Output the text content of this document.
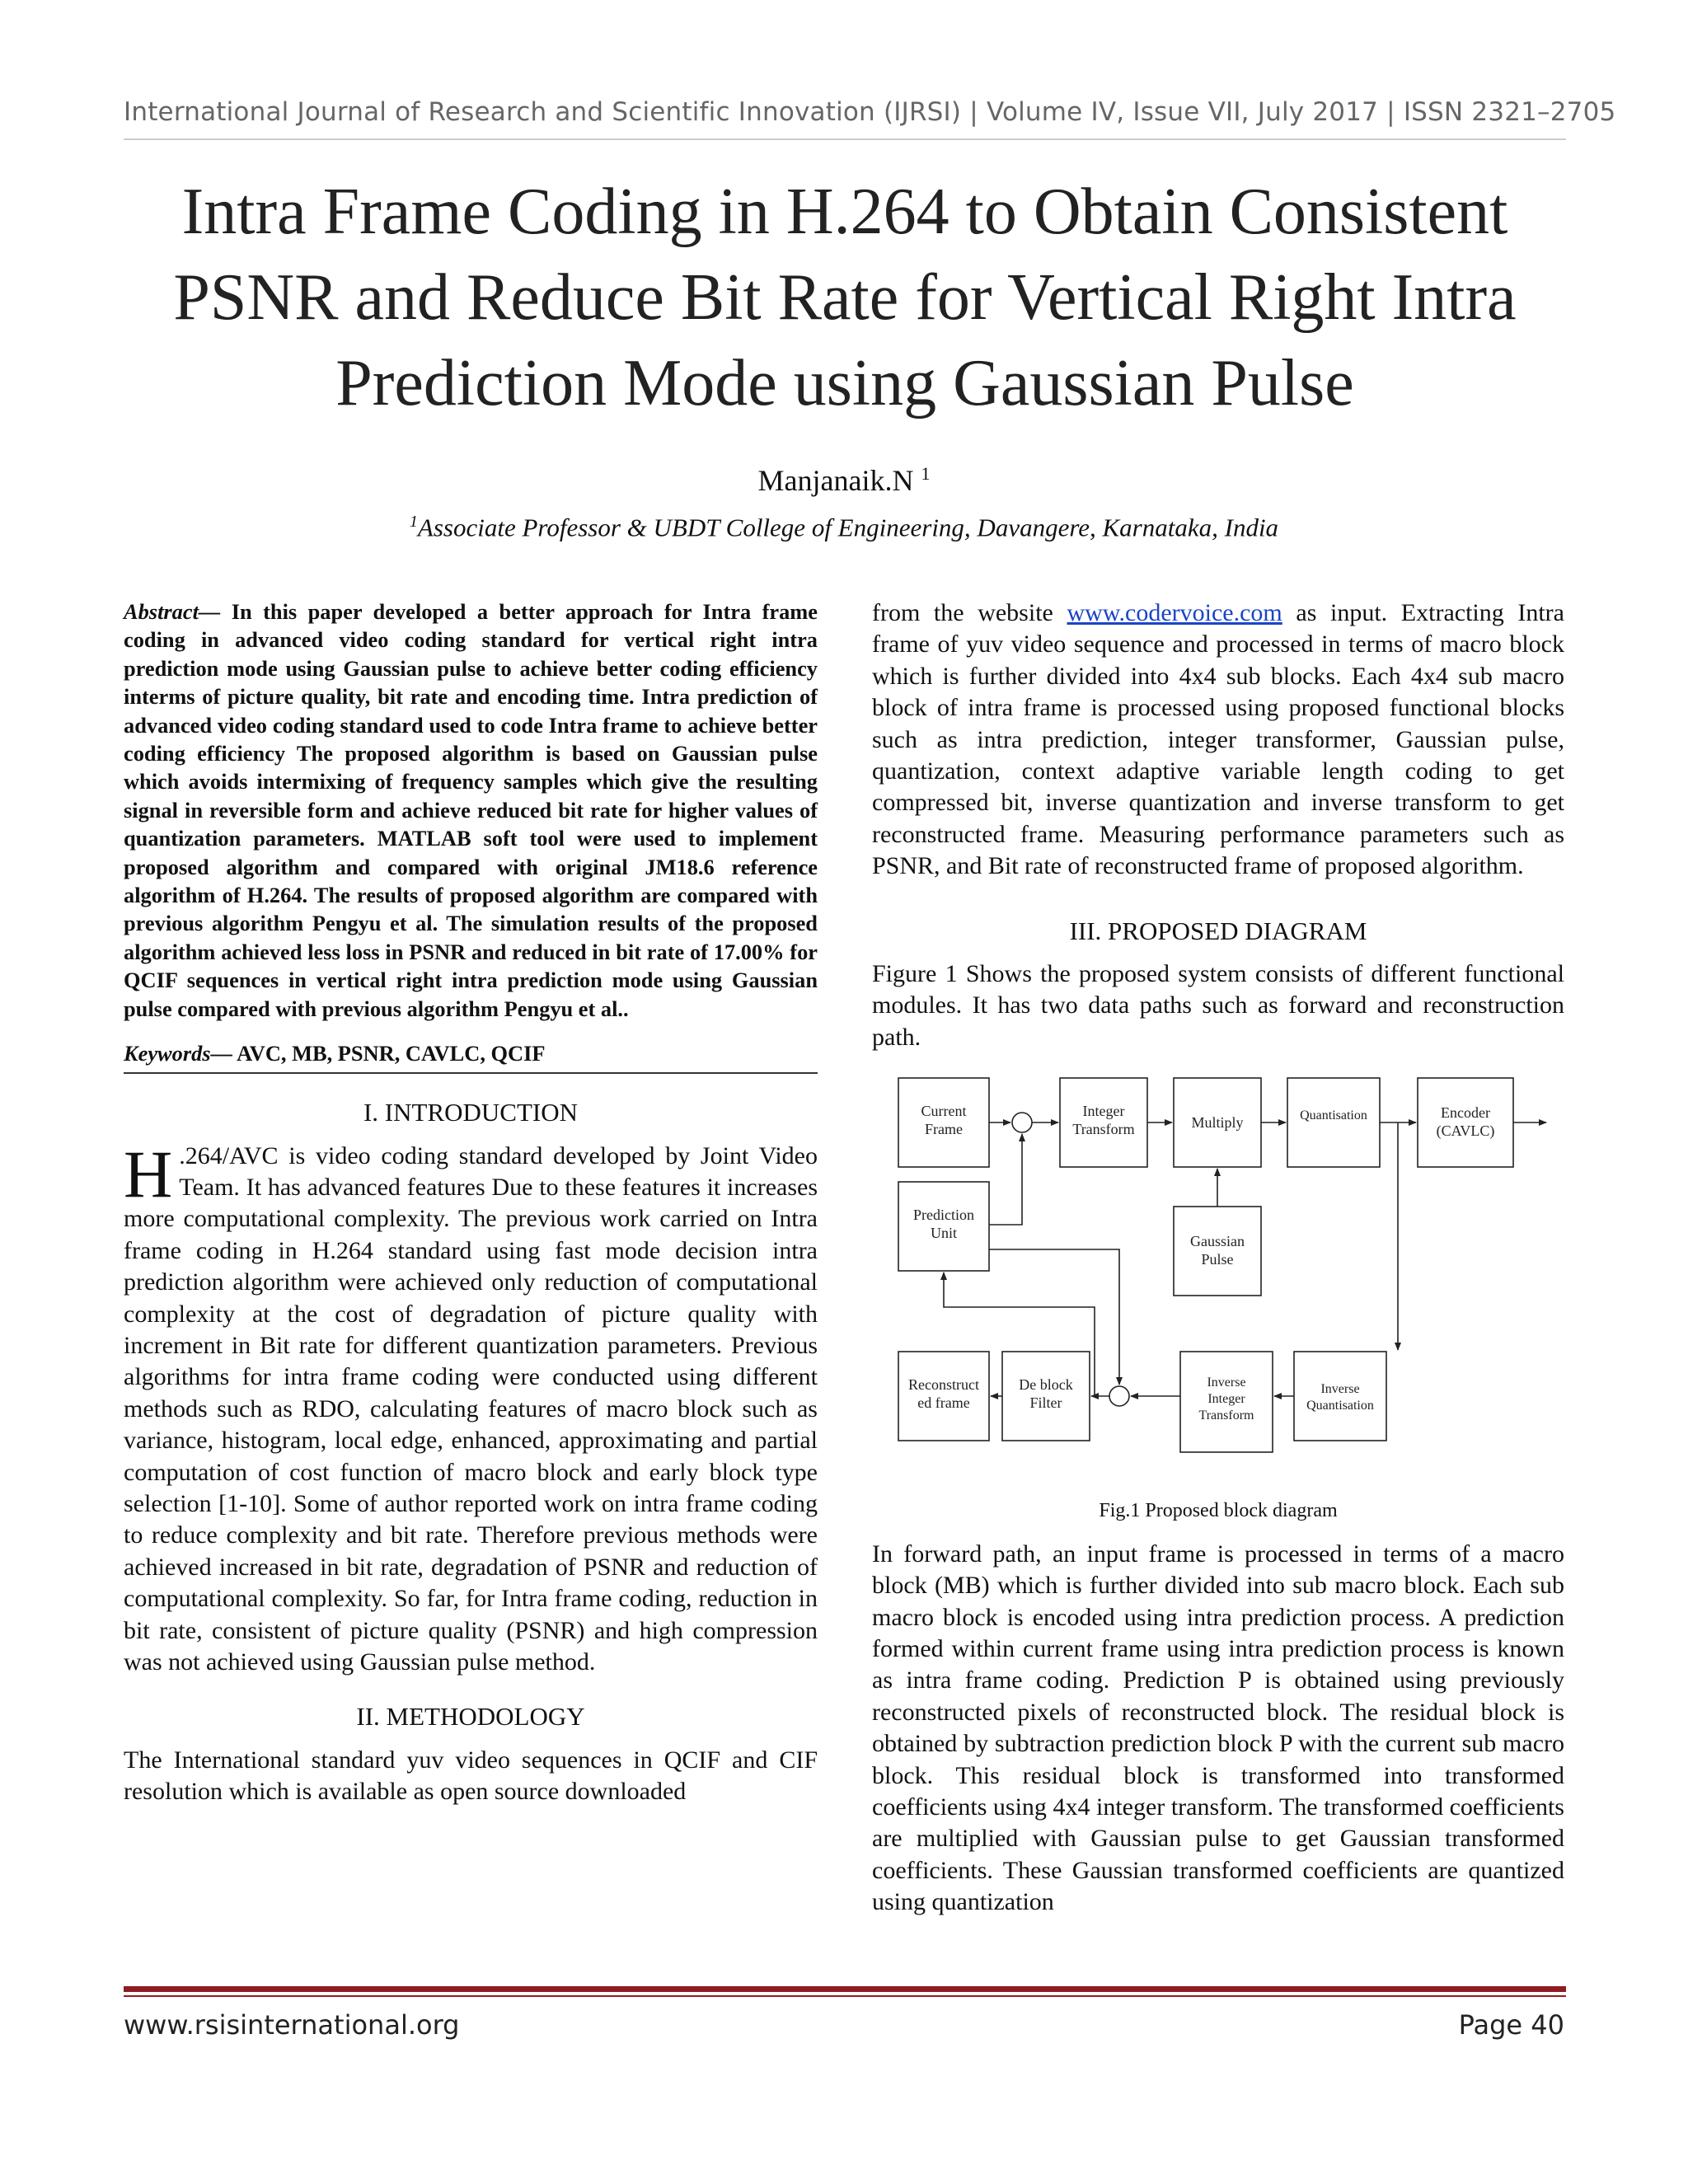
International Journal of Research and Scientific Innovation (IJRSI) | Volume IV, Issue VII, July 2017 | ISSN 2321–2705
Intra Frame Coding in H.264 to Obtain Consistent PSNR and Reduce Bit Rate for Vertical Right Intra Prediction Mode using Gaussian Pulse
Manjanaik.N $^1$
$^1$Associate Professor & UBDT College of Engineering, Davangere, Karnataka, India

Abstract— In this paper developed a better approach for Intra frame coding in advanced video coding standard for vertical right intra prediction mode using Gaussian pulse to achieve better coding efficiency interms of picture quality, bit rate and encoding time. Intra prediction of advanced video coding standard used to code Intra frame to achieve better coding efficiency The proposed algorithm is based on Gaussian pulse which avoids intermixing of frequency samples which give the resulting signal in reversible form and achieve reduced bit rate for higher values of quantization parameters. MATLAB soft tool were used to implement proposed algorithm and compared with original JM18.6 reference algorithm of H.264. The results of proposed algorithm are compared with previous algorithm Pengyu et al. The simulation results of the proposed algorithm achieved less loss in PSNR and reduced in bit rate of 17.00% for QCIF sequences in vertical right intra prediction mode using Gaussian pulse compared with previous algorithm Pengyu et al..

Keywords— AVC, MB, PSNR, CAVLC, QCIF

I. INTRODUCTION

H .264/AVC is video coding standard developed by Joint Video Team. It has advanced features Due to these features it increases more computational complexity. The previous work carried on Intra frame coding in H.264 standard using fast mode decision intra prediction algorithm were achieved only reduction of computational complexity at the cost of degradation of picture quality with increment in Bit rate for different quantization parameters. Previous algorithms for intra frame coding were conducted using different methods such as RDO, calculating features of macro block such as variance, histogram, local edge, enhanced, approximating and partial computation of cost function of macro block and early block type selection [1-10]. Some of author reported work on intra frame coding to reduce complexity and bit rate. Therefore previous methods were achieved increased in bit rate, degradation of PSNR and reduction of computational complexity. So far, for Intra frame coding, reduction in bit rate, consistent of picture quality (PSNR) and high compression was not achieved using Gaussian pulse method.

II. METHODOLOGY

The International standard yuv video sequences in QCIF and CIF resolution which is available as open source downloaded

from the website www.codervoice.com as input. Extracting Intra frame of yuv video sequence and processed in terms of macro block which is further divided into 4x4 sub blocks. Each 4x4 sub macro block of intra frame is processed using proposed functional blocks such as intra prediction, integer transformer, Gaussian pulse, quantization, context adaptive variable length coding to get compressed bit, inverse quantization and inverse transform to get reconstructed frame. Measuring performance parameters such as PSNR, and Bit rate of reconstructed frame of proposed algorithm.

III. PROPOSED DIAGRAM

Figure 1 Shows the proposed system consists of different functional modules. It has two data paths such as forward and reconstruction path.

Current
Frame
Integer
Transform	Multiply	Quantisation	Encoder
(CAVLC)
Prediction
Unit	Gaussian
Pulse
Reconstruct
ed frame
De block
Filter
Inverse
Integer
Transform
Inverse
Quantisation
Fig.1 Proposed block diagram

In forward path, an input frame is processed in terms of a macro block (MB) which is further divided into sub macro block. Each sub macro block is encoded using intra prediction process. A prediction formed within current frame using intra prediction process is known as intra frame coding. Prediction P is obtained using previously reconstructed pixels of reconstructed block. The residual block is obtained by subtraction prediction block P with the current sub macro block. This residual block is transformed into transformed coefficients using 4x4 integer transform. The transformed coefficients are multiplied with Gaussian pulse to get Gaussian transformed coefficients. These Gaussian transformed coefficients are quantized using quantization

www.rsisinternational.org	Page 40
